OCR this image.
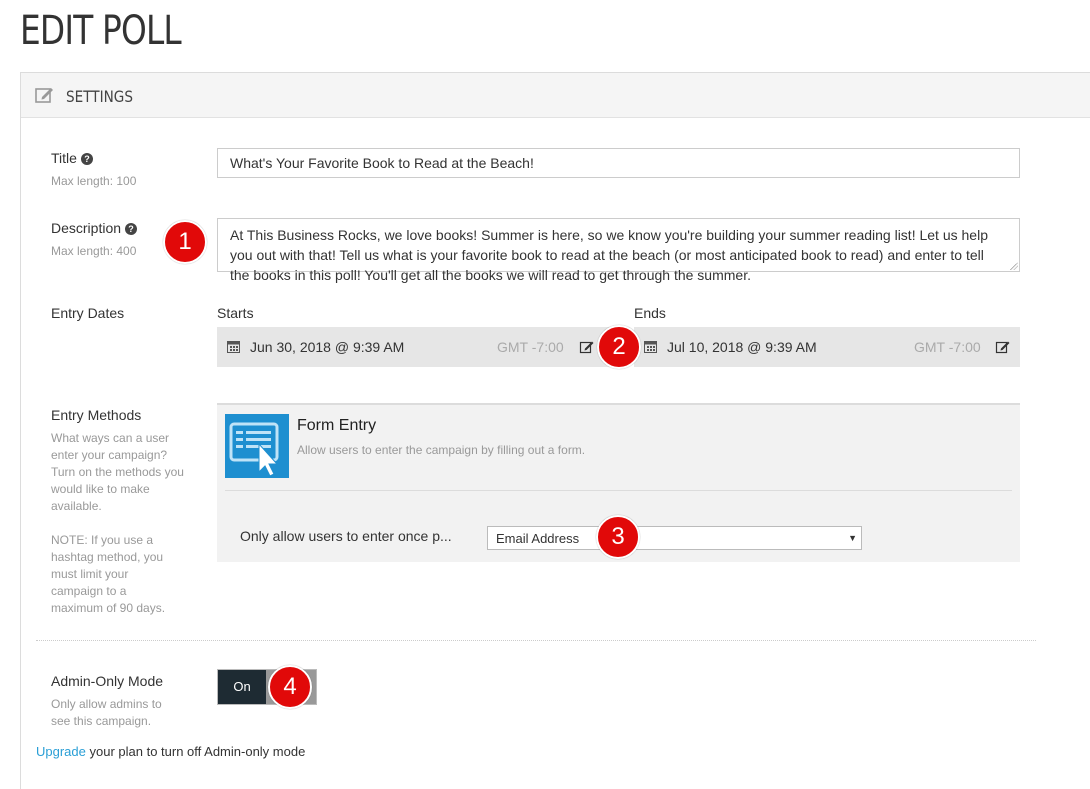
EDIT POLL
SETTINGS
Title ?
Max length: 100
What's Your Favorite Book to Read at the Beach!
Description ?
Max length: 400
At This Business Rocks, we love books! Summer is here, so we know you're building your summer reading list! Let us help you out with that! Tell us what is your favorite book to read at the beach (or most anticipated book to read) and enter to tell the books in this poll! You'll get all the books we will read to get through the summer.
Entry Dates	Starts	Ends
Jun 30, 2018 @ 9:39 AM	GMT -7:00	Jul 10, 2018 @ 9:39 AM	GMT -7:00
Entry Methods
What ways can a user enter your campaign? Turn on the methods you would like to make available.
NOTE: If you use a hashtag method, you must limit your campaign to a maximum of 90 days.
Form Entry
Allow users to enter the campaign by filling out a form.
Only allow users to enter once p...	Email Address	▼
Admin-Only Mode
Only allow admins to see this campaign.
On
Upgrade your plan to turn off Admin-only mode
1
2
3
4
